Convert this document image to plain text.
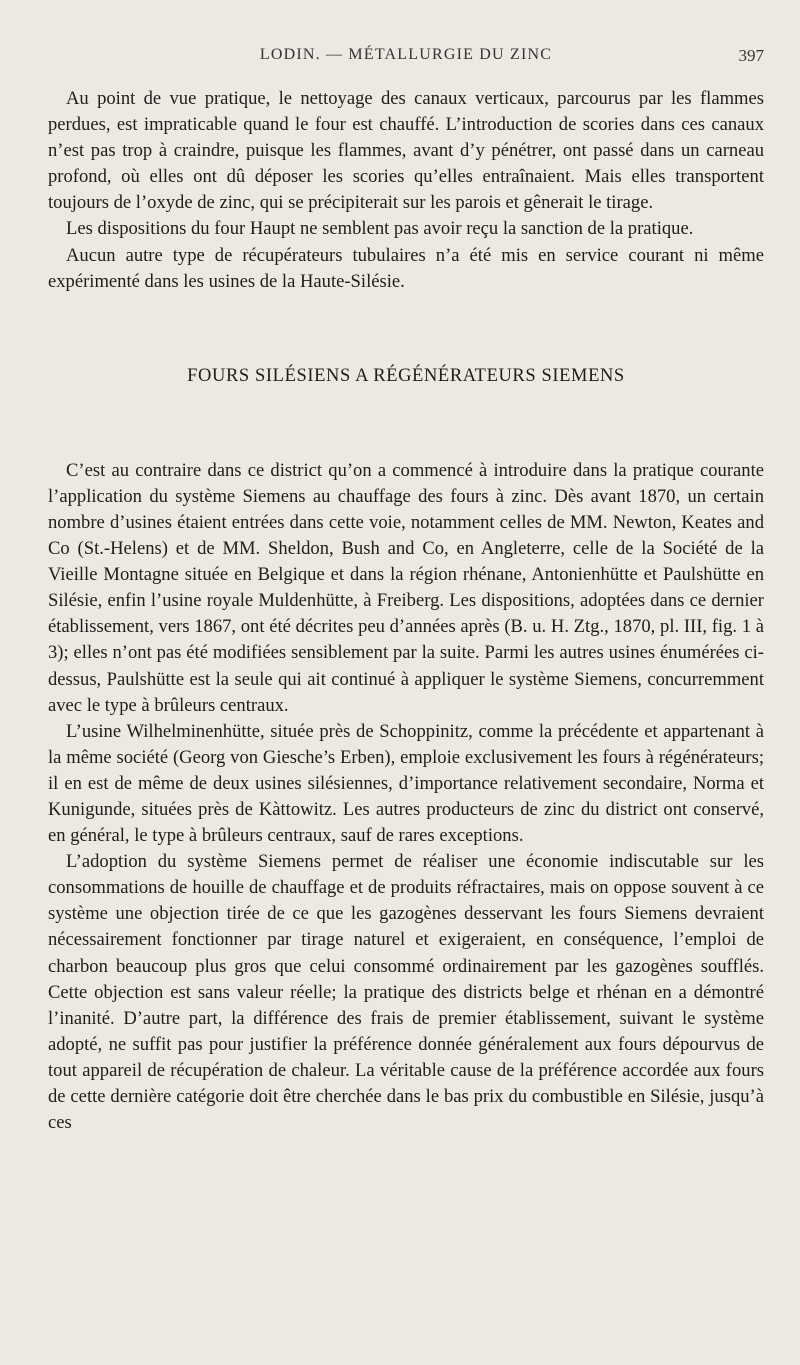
LODIN. — MÉTALLURGIE DU ZINC	397

Au point de vue pratique, le nettoyage des canaux verticaux, parcourus par les flammes perdues, est impraticable quand le four est chauffé. L’introduction de scories dans ces canaux n’est pas trop à craindre, puisque les flammes, avant d’y pénétrer, ont passé dans un carneau profond, où elles ont dû déposer les scories qu’elles entraînaient. Mais elles transportent toujours de l’oxyde de zinc, qui se précipiterait sur les parois et gênerait le tirage.

Les dispositions du four Haupt ne semblent pas avoir reçu la sanction de la pratique.

Aucun autre type de récupérateurs tubulaires n’a été mis en service courant ni même expérimenté dans les usines de la Haute-Silésie.

FOURS SILÉSIENS A RÉGÉNÉRATEURS SIEMENS

C’est au contraire dans ce district qu’on a commencé à introduire dans la pratique courante l’application du système Siemens au chauffage des fours à zinc. Dès avant 1870, un certain nombre d’usines étaient entrées dans cette voie, notamment celles de MM. Newton, Keates and Co (St.-Helens) et de MM. Sheldon, Bush and Co, en Angleterre, celle de la Société de la Vieille Montagne située en Belgique et dans la région rhénane, Antonienhütte et Paulshütte en Silésie, enfin l’usine royale Muldenhütte, à Freiberg. Les dispositions, adoptées dans ce dernier établissement, vers 1867, ont été décrites peu d’années après (B. u. H. Ztg., 1870, pl. III, fig. 1 à 3); elles n’ont pas été modifiées sensiblement par la suite. Parmi les autres usines énumérées ci-dessus, Paulshütte est la seule qui ait continué à appliquer le système Siemens, concurremment avec le type à brûleurs centraux.

L’usine Wilhelminenhütte, située près de Schoppinitz, comme la précédente et appartenant à la même société (Georg von Giesche’s Erben), emploie exclusivement les fours à régénérateurs; il en est de même de deux usines silésiennes, d’importance relativement secondaire, Norma et Kunigunde, situées près de Kàttowitz. Les autres producteurs de zinc du district ont conservé, en général, le type à brûleurs centraux, sauf de rares exceptions.

L’adoption du système Siemens permet de réaliser une économie indiscutable sur les consommations de houille de chauffage et de produits réfractaires, mais on oppose souvent à ce système une objection tirée de ce que les gazogènes desservant les fours Siemens devraient nécessairement fonctionner par tirage naturel et exigeraient, en conséquence, l’emploi de charbon beaucoup plus gros que celui consommé ordinairement par les gazogènes soufflés. Cette objection est sans valeur réelle; la pratique des districts belge et rhénan en a démontré l’inanité. D’autre part, la différence des frais de premier établissement, suivant le système adopté, ne suffit pas pour justifier la préférence donnée généralement aux fours dépourvus de tout appareil de récupération de chaleur. La véritable cause de la préférence accordée aux fours de cette dernière catégorie doit être cherchée dans le bas prix du combustible en Silésie, jusqu’à ces
